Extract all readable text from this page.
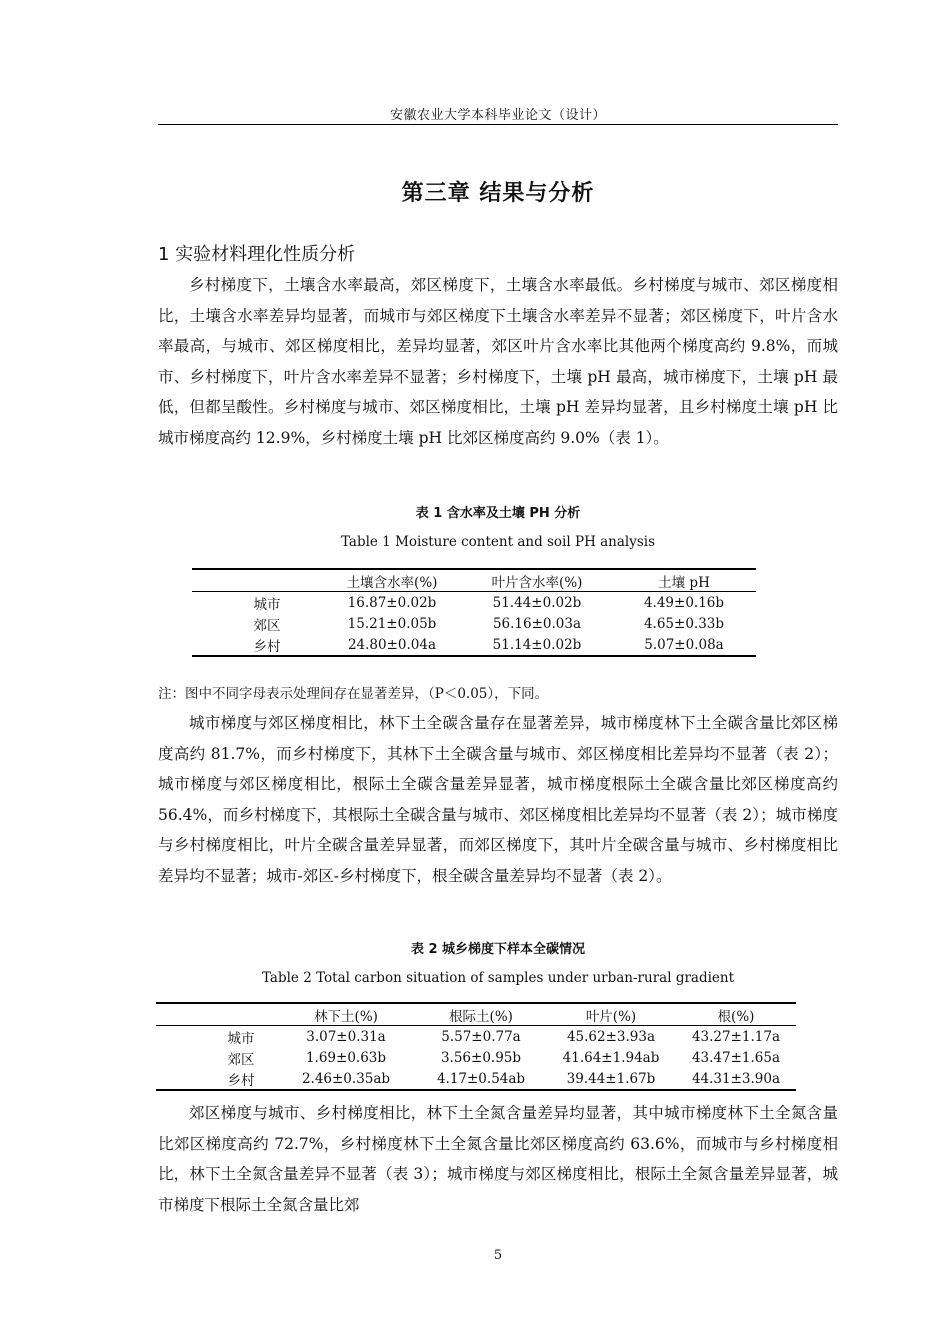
安徽农业大学本科毕业论文（设计）
第三章 结果与分析
1 实验材料理化性质分析

乡村梯度下，土壤含水率最高，郊区梯度下，土壤含水率最低。乡村梯度与城市、郊区梯度相比，土壤含水率差异均显著，而城市与郊区梯度下土壤含水率差异不显著；郊区梯度下，叶片含水率最高，与城市、郊区梯度相比，差异均显著，郊区叶片含水率比其他两个梯度高约 9.8%，而城市、乡村梯度下，叶片含水率差异不显著；乡村梯度下，土壤 pH 最高，城市梯度下，土壤 pH 最低，但都呈酸性。乡村梯度与城市、郊区梯度相比，土壤 pH 差异均显著，且乡村梯度土壤 pH 比城市梯度高约 12.9%，乡村梯度土壤 pH 比郊区梯度高约 9.0%（表 1）。

表 1 含水率及土壤 PH 分析
Table 1 Moisture content and soil PH analysis
	土壤含水率(%)	叶片含水率(%)	土壤 pH
城市	16.87±0.02b	51.44±0.02b	4.49±0.16b
郊区	15.21±0.05b	56.16±0.03a	4.65±0.33b
乡村	24.80±0.04a	51.14±0.02b	5.07±0.08a
注：图中不同字母表示处理间存在显著差异，（P＜0.05），下同。

城市梯度与郊区梯度相比，林下土全碳含量存在显著差异，城市梯度林下土全碳含量比郊区梯度高约 81.7%，而乡村梯度下，其林下土全碳含量与城市、郊区梯度相比差异均不显著（表 2）；城市梯度与郊区梯度相比，根际土全碳含量差异显著，城市梯度根际土全碳含量比郊区梯度高约 56.4%，而乡村梯度下，其根际土全碳含量与城市、郊区梯度相比差异均不显著（表 2）；城市梯度与乡村梯度相比，叶片全碳含量差异显著，而郊区梯度下，其叶片全碳含量与城市、乡村梯度相比差异均不显著；城市-郊区-乡村梯度下，根全碳含量差异均不显著（表 2）。

表 2 城乡梯度下样本全碳情况
Table 2 Total carbon situation of samples under urban-rural gradient
	林下土(%)	根际土(%)	叶片(%)	根(%)
城市	3.07±0.31a	5.57±0.77a	45.62±3.93a	43.27±1.17a
郊区	1.69±0.63b	3.56±0.95b	41.64±1.94ab	43.47±1.65a
乡村	2.46±0.35ab	4.17±0.54ab	39.44±1.67b	44.31±3.90a

郊区梯度与城市、乡村梯度相比，林下土全氮含量差异均显著，其中城市梯度林下土全氮含量比郊区梯度高约 72.7%，乡村梯度林下土全氮含量比郊区梯度高约 63.6%，而城市与乡村梯度相比，林下土全氮含量差异不显著（表 3）；城市梯度与郊区梯度相比，根际土全氮含量差异显著，城市梯度下根际土全氮含量比郊

5
